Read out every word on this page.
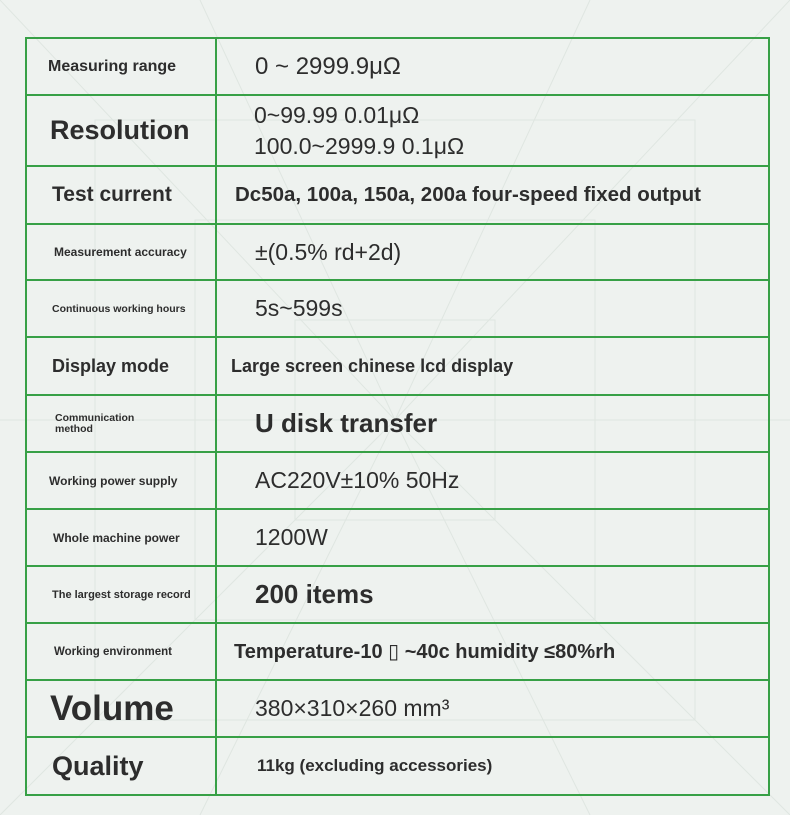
Measuring range	0 ~ 2999.9μΩ

Resolution	0~99.99 0.01μΩ
100.0~2999.9 0.1μΩ

Test current	Dc50a, 100a, 150a, 200a four-speed fixed output

Measurement accuracy	±(0.5% rd+2d)

Continuous working hours	5s~599s

Display mode	Large screen chinese lcd display

Communication
method	U disk transfer

Working power supply	AC220V±10% 50Hz

Whole machine power	1200W

The largest storage record	200 items

Working environment	Temperature-10 ▯ ~40c humidity ≤80%rh

Volume	380×310×260 mm³

Quality	11kg (excluding accessories)
